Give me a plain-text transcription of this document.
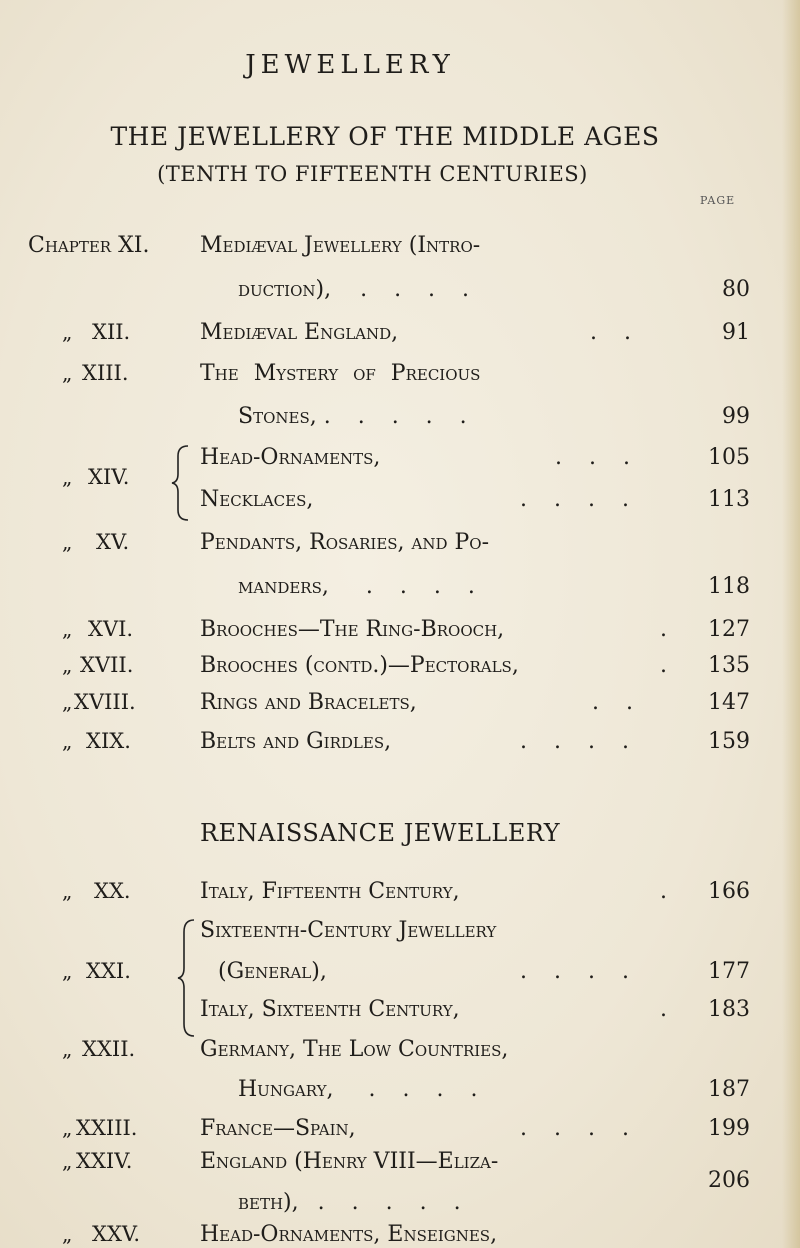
JEWELLERY
THE JEWELLERY OF THE MIDDLE AGES
(TENTH TO FIFTEENTH CENTURIES)
PAGE
Chapter XI. Mediæval Jewellery (Intro-
duction), . . . .	80
„ XII.	Mediæval England,	. .	91
„ XIII.	The Mystery of Precious
Stones, . . . . .	99
„ XIV.
Head-Ornaments,	. . .	105
Necklaces,	. . . .	113
„ XV.	Pendants, Rosaries, and Po-
manders, . . . .	118
„ XVI.	Brooches—The Ring-Brooch,	.	127
„ XVII.	Brooches (contd.)—Pectorals,	.	135
„ XVIII.	Rings and Bracelets,	. .	147
„ XIX.	Belts and Girdles,	. . . .	159
RENAISSANCE JEWELLERY
„ XX.	Italy, Fifteenth Century,	.	166
„ XXI.
Sixteenth-Century Jewellery
(General),	. . . .	177
Italy, Sixteenth Century,	.	183
„ XXII.	Germany, The Low Countries,
Hungary, . . . .	187
„ XXIII.	France—Spain,	. . . .	199
„ XXIV.	England (Henry VIII—Eliza-
beth), . . . . .
206
„ XXV.	Head-Ornaments, Enseignes,
